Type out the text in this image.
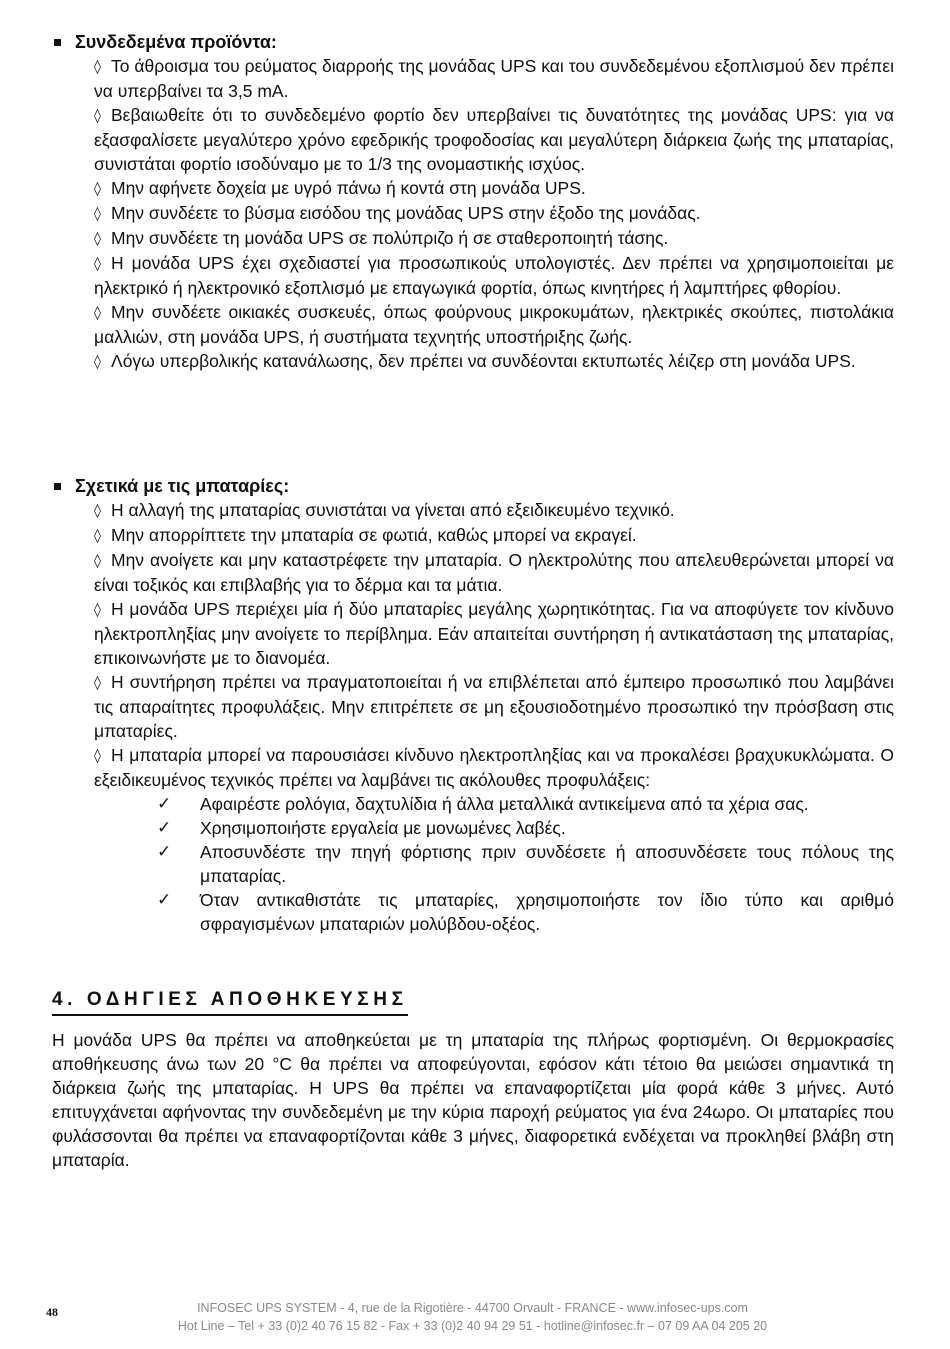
Συνδεδεμένα προϊόντα:

◊ Το άθροισμα του ρεύματος διαρροής της μονάδας UPS και του συνδεδεμένου εξοπλισμού δεν πρέπει να υπερβαίνει τα 3,5 mA.

◊ Βεβαιωθείτε ότι το συνδεδεμένο φορτίο δεν υπερβαίνει τις δυνατότητες της μονάδας UPS: για να εξασφαλίσετε μεγαλύτερο χρόνο εφεδρικής τροφοδοσίας και μεγαλύτερη διάρκεια ζωής της μπαταρίας, συνιστάται φορτίο ισοδύναμο με το 1/3 της ονομαστικής ισχύος.

◊ Μην αφήνετε δοχεία με υγρό πάνω ή κοντά στη μονάδα UPS.

◊ Μην συνδέετε το βύσμα εισόδου της μονάδας UPS στην έξοδο της μονάδας.

◊ Μην συνδέετε τη μονάδα UPS σε πολύπριζο ή σε σταθεροποιητή τάσης.

◊ Η μονάδα UPS έχει σχεδιαστεί για προσωπικούς υπολογιστές. Δεν πρέπει να χρησιμοποιείται με ηλεκτρικό ή ηλεκτρονικό εξοπλισμό με επαγωγικά φορτία, όπως κινητήρες ή λαμπτήρες φθορίου.

◊ Μην συνδέετε οικιακές συσκευές, όπως φούρνους μικροκυμάτων, ηλεκτρικές σκούπες, πιστολάκια μαλλιών, στη μονάδα UPS, ή συστήματα τεχνητής υποστήριξης ζωής.

◊ Λόγω υπερβολικής κατανάλωσης, δεν πρέπει να συνδέονται εκτυπωτές λέιζερ στη μονάδα UPS.

Σχετικά με τις μπαταρίες:

◊ Η αλλαγή της μπαταρίας συνιστάται να γίνεται από εξειδικευμένο τεχνικό.

◊ Μην απορρίπτετε την μπαταρία σε φωτιά, καθώς μπορεί να εκραγεί.

◊ Μην ανοίγετε και μην καταστρέφετε την μπαταρία. Ο ηλεκτρολύτης που απελευθερώνεται μπορεί να είναι τοξικός και επιβλαβής για το δέρμα και τα μάτια.

◊ Η μονάδα UPS περιέχει μία ή δύο μπαταρίες μεγάλης χωρητικότητας. Για να αποφύγετε τον κίνδυνο ηλεκτροπληξίας μην ανοίγετε το περίβλημα. Εάν απαιτείται συντήρηση ή αντικατάσταση της μπαταρίας, επικοινωνήστε με το διανομέα.

◊ Η συντήρηση πρέπει να πραγματοποιείται ή να επιβλέπεται από έμπειρο προσωπικό που λαμβάνει τις απαραίτητες προφυλάξεις. Μην επιτρέπετε σε μη εξουσιοδοτημένο προσωπικό την πρόσβαση στις μπαταρίες.

◊ Η μπαταρία μπορεί να παρουσιάσει κίνδυνο ηλεκτροπληξίας και να προκαλέσει βραχυκυκλώματα. Ο εξειδικευμένος τεχνικός πρέπει να λαμβάνει τις ακόλουθες προφυλάξεις:

✓	Αφαιρέστε ρολόγια, δαχτυλίδια ή άλλα μεταλλικά αντικείμενα από τα χέρια σας.
✓	Χρησιμοποιήστε εργαλεία με μονωμένες λαβές.
✓	Αποσυνδέστε την πηγή φόρτισης πριν συνδέσετε ή αποσυνδέσετε τους πόλους της μπαταρίας.
✓	Όταν αντικαθιστάτε τις μπαταρίες, χρησιμοποιήστε τον ίδιο τύπο και αριθμό σφραγισμένων μπαταριών μολύβδου-οξέος.
4. ΟΔΗΓΙΕΣ ΑΠΟΘΗΚΕΥΣΗΣ

Η μονάδα UPS θα πρέπει να αποθηκεύεται με τη μπαταρία της πλήρως φορτισμένη. Οι θερμοκρασίες αποθήκευσης άνω των 20 °C θα πρέπει να αποφεύγονται, εφόσον κάτι τέτοιο θα μειώσει σημαντικά τη διάρκεια ζωής της μπαταρίας. Η UPS θα πρέπει να επαναφορτίζεται μία φορά κάθε 3 μήνες. Αυτό επιτυγχάνεται αφήνοντας την συνδεδεμένη με την κύρια παροχή ρεύματος για ένα 24ωρο. Οι μπαταρίες που φυλάσσονται θα πρέπει να επαναφορτίζονται κάθε 3 μήνες, διαφορετικά ενδέχεται να προκληθεί βλάβη στη μπαταρία.

48	INFOSEC UPS SYSTEM - 4, rue de la Rigotière - 44700 Orvault - FRANCE - www.infosec-ups.com
Hot Line – Tel + 33 (0)2 40 76 15 82 - Fax + 33 (0)2 40 94 29 51 - hotline@infosec.fr – 07 09 AA 04 205 20
